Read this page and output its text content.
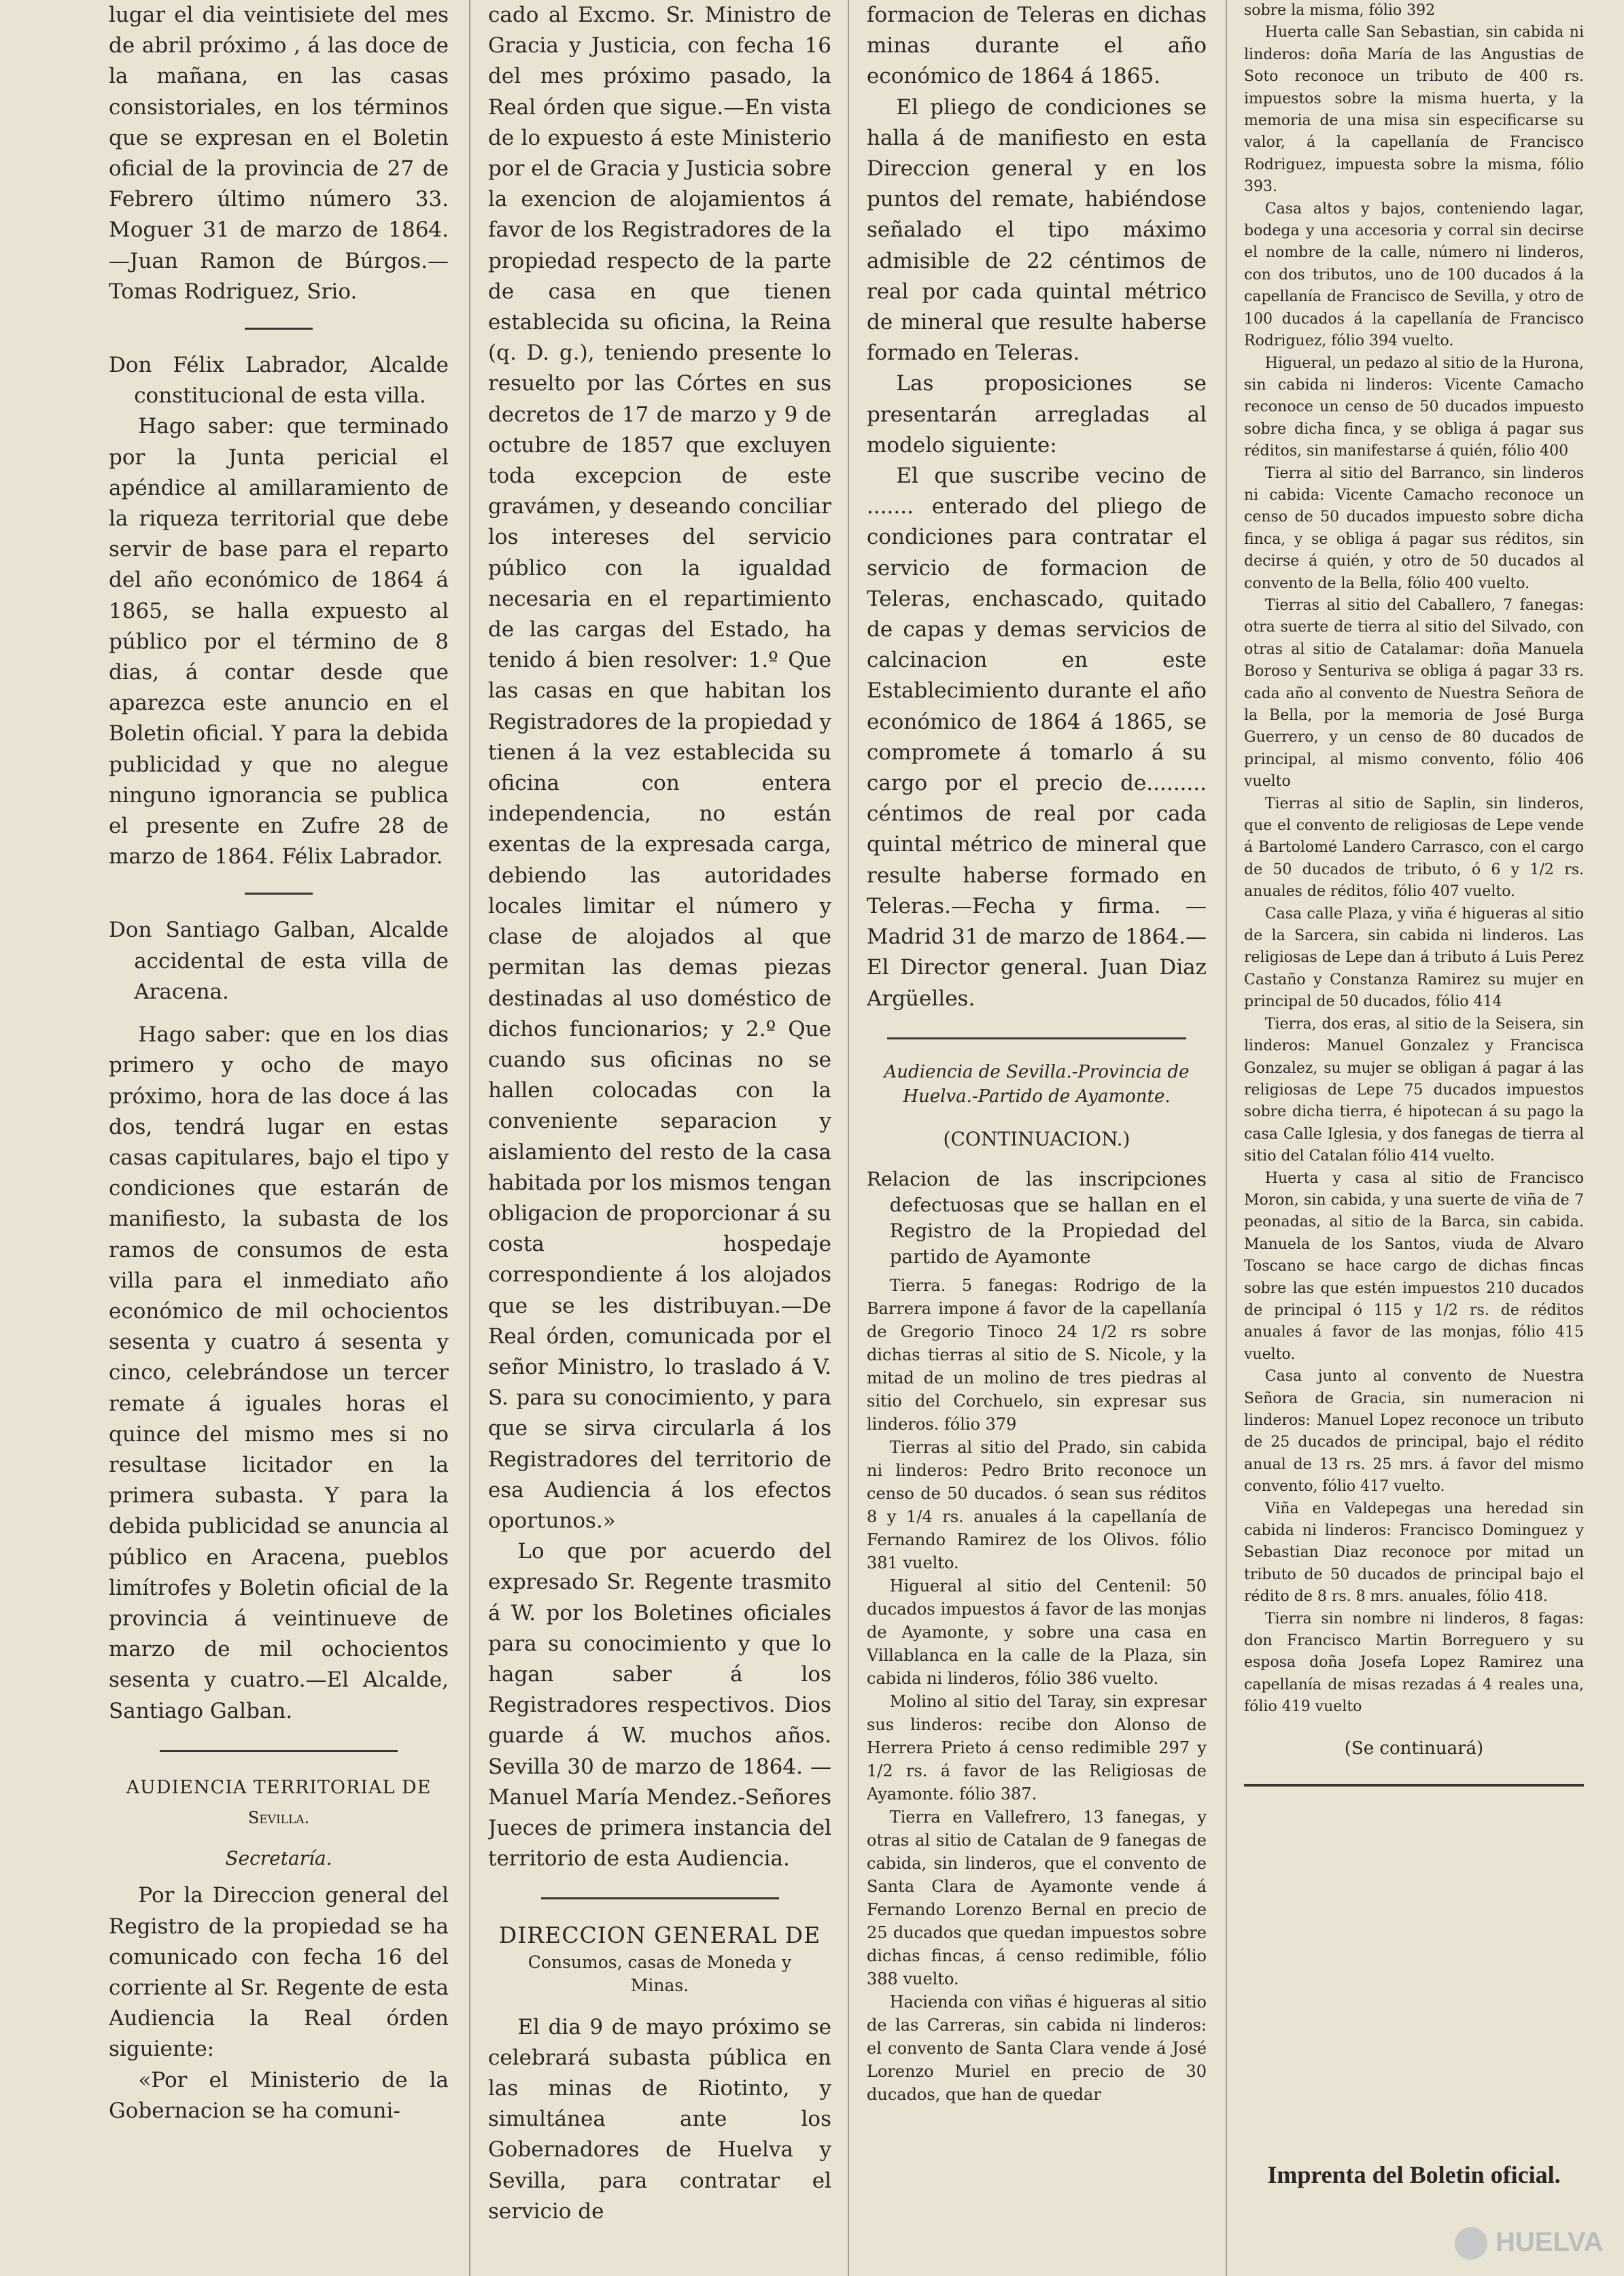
lugar el dia veintisiete del mes de abril próximo , á las doce de la mañana, en las casas consistoriales, en los términos que se expresan en el Boletin oficial de la provincia de 27 de Febrero último número 33. Moguer 31 de marzo de 1864.—Juan Ramon de Búrgos.—Tomas Rodriguez, Srio.

Don Félix Labrador, Alcalde constitucional de esta villa.

Hago saber: que terminado por la Junta pericial el apéndice al amillaramiento de la riqueza territorial que debe servir de base para el reparto del año económico de 1864 á 1865, se halla expuesto al público por el término de 8 dias, á contar desde que aparezca este anuncio en el Boletin oficial. Y para la debida publicidad y que no alegue ninguno ignorancia se publica el presente en Zufre 28 de marzo de 1864. Félix Labrador.

Don Santiago Galban, Alcalde accidental de esta villa de Aracena.

Hago saber: que en los dias primero y ocho de mayo próximo, hora de las doce á las dos, tendrá lugar en estas casas capitulares, bajo el tipo y condiciones que estarán de manifiesto, la subasta de los ramos de consumos de esta villa para el inmediato año económico de mil ochocientos sesenta y cuatro á sesenta y cinco, celebrándose un tercer remate á iguales horas el quince del mismo mes si no resultase licitador en la primera subasta. Y para la debida publicidad se anuncia al público en Aracena, pueblos limítrofes y Boletin oficial de la provincia á veintinueve de marzo de mil ochocientos sesenta y cuatro.—El Alcalde, Santiago Galban.

AUDIENCIA TERRITORIAL DE
Sevilla.
Secretaría.

Por la Direccion general del Registro de la propiedad se ha comunicado con fecha 16 del corriente al Sr. Regente de esta Audiencia la Real órden siguiente:

«Por el Ministerio de la Gobernacion se ha comuni-

cado al Excmo. Sr. Ministro de Gracia y Justicia, con fecha 16 del mes próximo pasado, la Real órden que sigue.—En vista de lo expuesto á este Ministerio por el de Gracia y Justicia sobre la exencion de alojamientos á favor de los Registradores de la propiedad respecto de la parte de casa en que tienen establecida su oficina, la Reina (q. D. g.), teniendo presente lo resuelto por las Córtes en sus decretos de 17 de marzo y 9 de octubre de 1857 que excluyen toda excepcion de este gravámen, y deseando conciliar los intereses del servicio público con la igualdad necesaria en el repartimiento de las cargas del Estado, ha tenido á bien resolver: 1.º Que las casas en que habitan los Registradores de la propiedad y tienen á la vez establecida su oficina con entera independencia, no están exentas de la expresada carga, debiendo las autoridades locales limitar el número y clase de alojados al que permitan las demas piezas destinadas al uso doméstico de dichos funcionarios; y 2.º Que cuando sus oficinas no se hallen colocadas con la conveniente separacion y aislamiento del resto de la casa habitada por los mismos tengan obligacion de proporcionar á su costa hospedaje correspondiente á los alojados que se les distribuyan.—De Real órden, comunicada por el señor Ministro, lo traslado á V. S. para su conocimiento, y para que se sirva circularla á los Registradores del territorio de esa Audiencia á los efectos oportunos.»

Lo que por acuerdo del expresado Sr. Regente trasmito á W. por los Boletines oficiales para su conocimiento y que lo hagan saber á los Registradores respectivos. Dios guarde á W. muchos años. Sevilla 30 de marzo de 1864. —Manuel María Mendez.-Señores Jueces de primera instancia del territorio de esta Audiencia.

DIRECCION GENERAL DE
Consumos, casas de Moneda y Minas.

El dia 9 de mayo próximo se celebrará subasta pública en las minas de Riotinto, y simultánea ante los Gobernadores de Huelva y Sevilla, para contratar el servicio de

formacion de Teleras en dichas minas durante el año económico de 1864 á 1865.

El pliego de condiciones se halla á de manifiesto en esta Direccion general y en los puntos del remate, habiéndose señalado el tipo máximo admisible de 22 céntimos de real por cada quintal métrico de mineral que resulte haberse formado en Teleras.

Las proposiciones se presentarán arregladas al modelo siguiente:

El que suscribe vecino de ....... enterado del pliego de condiciones para contratar el servicio de formacion de Teleras, enchascado, quitado de capas y demas servicios de calcinacion en este Establecimiento durante el año económico de 1864 á 1865, se compromete á tomarlo á su cargo por el precio de......... céntimos de real por cada quintal métrico de mineral que resulte haberse formado en Teleras.—Fecha y firma. —Madrid 31 de marzo de 1864.—El Director general. Juan Diaz Argüelles.

Audiencia de Sevilla.-Provincia de Huelva.-Partido de Ayamonte.
(CONTINUACION.)

Relacion de las inscripciones defectuosas que se hallan en el Registro de la Propiedad del partido de Ayamonte

Tierra. 5 fanegas: Rodrigo de la Barrera impone á favor de la capellanía de Gregorio Tinoco 24 1/2 rs sobre dichas tierras al sitio de S. Nicole, y la mitad de un molino de tres piedras al sitio del Corchuelo, sin expresar sus linderos. fólio 379

Tierras al sitio del Prado, sin cabida ni linderos: Pedro Brito reconoce un censo de 50 ducados. ó sean sus réditos 8 y 1/4 rs. anuales á la capellanía de Fernando Ramirez de los Olivos. fólio 381 vuelto.

Higueral al sitio del Centenil: 50 ducados impuestos á favor de las monjas de Ayamonte, y sobre una casa en Villablanca en la calle de la Plaza, sin cabida ni linderos, fólio 386 vuelto.

Molino al sitio del Taray, sin expresar sus linderos: recibe don Alonso de Herrera Prieto á censo redimible 297 y 1/2 rs. á favor de las Religiosas de Ayamonte. fólio 387.

Tierra en Vallefrero, 13 fanegas, y otras al sitio de Catalan de 9 fanegas de cabida, sin linderos, que el convento de Santa Clara de Ayamonte vende á Fernando Lorenzo Bernal en precio de 25 ducados que quedan impuestos sobre dichas fincas, á censo redimible, fólio 388 vuelto.

Hacienda con viñas é higueras al sitio de las Carreras, sin cabida ni linderos: el convento de Santa Clara vende á José Lorenzo Muriel en precio de 30 ducados, que han de quedar

sobre la misma, fólio 392

Huerta calle San Sebastian, sin cabida ni linderos: doña María de las Angustias de Soto reconoce un tributo de 400 rs. impuestos sobre la misma huerta, y la memoria de una misa sin especificarse su valor, á la capellanía de Francisco Rodriguez, impuesta sobre la misma, fólio 393.

Casa altos y bajos, conteniendo lagar, bodega y una accesoria y corral sin decirse el nombre de la calle, número ni linderos, con dos tributos, uno de 100 ducados á la capellanía de Francisco de Sevilla, y otro de 100 ducados á la capellanía de Francisco Rodriguez, fólio 394 vuelto.

Higueral, un pedazo al sitio de la Hurona, sin cabida ni linderos: Vicente Camacho reconoce un censo de 50 ducados impuesto sobre dicha finca, y se obliga á pagar sus réditos, sin manifestarse á quién, fólio 400

Tierra al sitio del Barranco, sin linderos ni cabida: Vicente Camacho reconoce un censo de 50 ducados impuesto sobre dicha finca, y se obliga á pagar sus réditos, sin decirse á quién, y otro de 50 ducados al convento de la Bella, fólio 400 vuelto.

Tierras al sitio del Caballero, 7 fanegas: otra suerte de tierra al sitio del Silvado, con otras al sitio de Catalamar: doña Manuela Boroso y Senturiva se obliga á pagar 33 rs. cada año al convento de Nuestra Señora de la Bella, por la memoria de José Burga Guerrero, y un censo de 80 ducados de principal, al mismo convento, fólio 406 vuelto

Tierras al sitio de Saplin, sin linderos, que el convento de religiosas de Lepe vende á Bartolomé Landero Carrasco, con el cargo de 50 ducados de tributo, ó 6 y 1/2 rs. anuales de réditos, fólio 407 vuelto.

Casa calle Plaza, y viña é higueras al sitio de la Sarcera, sin cabida ni linderos. Las religiosas de Lepe dan á tributo á Luis Perez Castaño y Constanza Ramirez su mujer en principal de 50 ducados, fólio 414

Tierra, dos eras, al sitio de la Seisera, sin linderos: Manuel Gonzalez y Francisca Gonzalez, su mujer se obligan á pagar á las religiosas de Lepe 75 ducados impuestos sobre dicha tierra, é hipotecan á su pago la casa Calle Iglesia, y dos fanegas de tierra al sitio del Catalan fólio 414 vuelto.

Huerta y casa al sitio de Francisco Moron, sin cabida, y una suerte de viña de 7 peonadas, al sitio de la Barca, sin cabida. Manuela de los Santos, viuda de Alvaro Toscano se hace cargo de dichas fincas sobre las que estén impuestos 210 ducados de principal ó 115 y 1/2 rs. de réditos anuales á favor de las monjas, fólio 415 vuelto.

Casa junto al convento de Nuestra Señora de Gracia, sin numeracion ni linderos: Manuel Lopez reconoce un tributo de 25 ducados de principal, bajo el rédito anual de 13 rs. 25 mrs. á favor del mismo convento, fólio 417 vuelto.

Viña en Valdepegas una heredad sin cabida ni linderos: Francisco Dominguez y Sebastian Diaz reconoce por mitad un tributo de 50 ducados de principal bajo el rédito de 8 rs. 8 mrs. anuales, fólio 418.

Tierra sin nombre ni linderos, 8 fagas: don Francisco Martin Borreguero y su esposa doña Josefa Lopez Ramirez una capellanía de misas rezadas á 4 reales una, fólio 419 vuelto

(Se continuará)
Imprenta del Boletin oficial.
HUELVA
